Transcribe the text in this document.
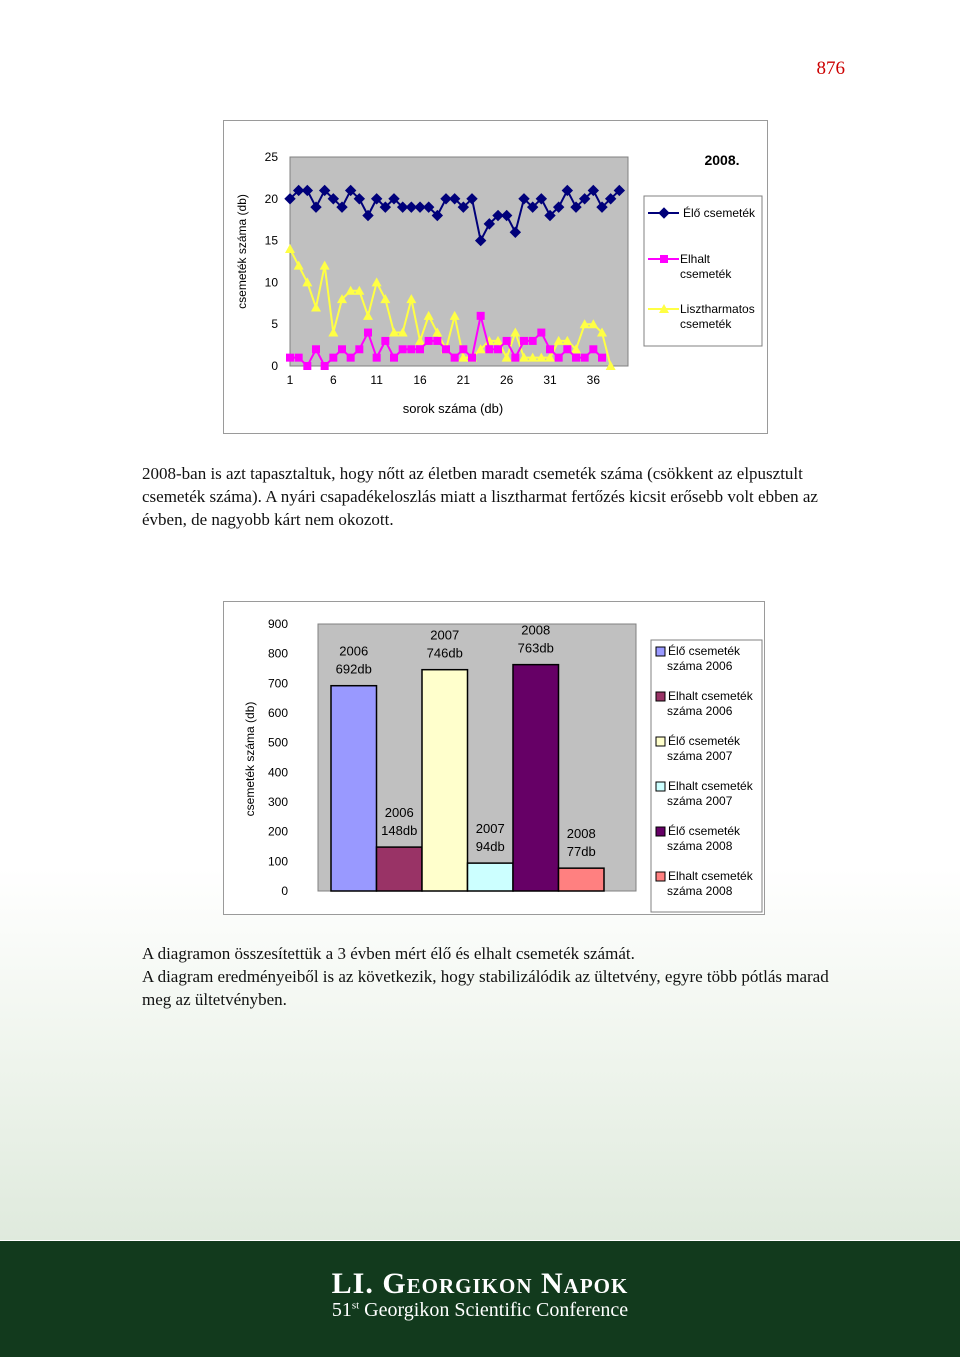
876
0
5
10
15
20
25
1	6	11	16 21 26 31 36
csemeték száma (db)
sorok száma (db)
2008.
Élő csemeték
Elhalt
csemeték
Lisztharmatos
csemeték

2008-ban is azt tapasztaltuk, hogy nőtt az életben maradt csemeték száma (csökkent az elpusztult csemeték száma). A nyári csapadékeloszlás miatt a lisztharmat fertőzés kicsit erősebb volt ebben az évben, de nagyobb kárt nem okozott.

0
100
200
300
400
500
600
700
800
900
csemeték száma (db)
2006
692db
2006
148db
2007
746db
2007
94db
2008
763db
2008
77db
Élő csemeték
száma 2006
Elhalt csemeték
száma 2006
Élő csemeték
száma 2007
Elhalt csemeték
száma 2007
Élő csemeték
száma 2008
Elhalt csemeték
száma 2008

A diagramon összesítettük a 3 évben mért élő és elhalt csemeték számát.

A diagram eredményeiből is az következik, hogy stabilizálódik az ültetvény, egyre több pótlás marad meg az ültetvényben.

LI. Georgikon Napok
51st Georgikon Scientific Conference
